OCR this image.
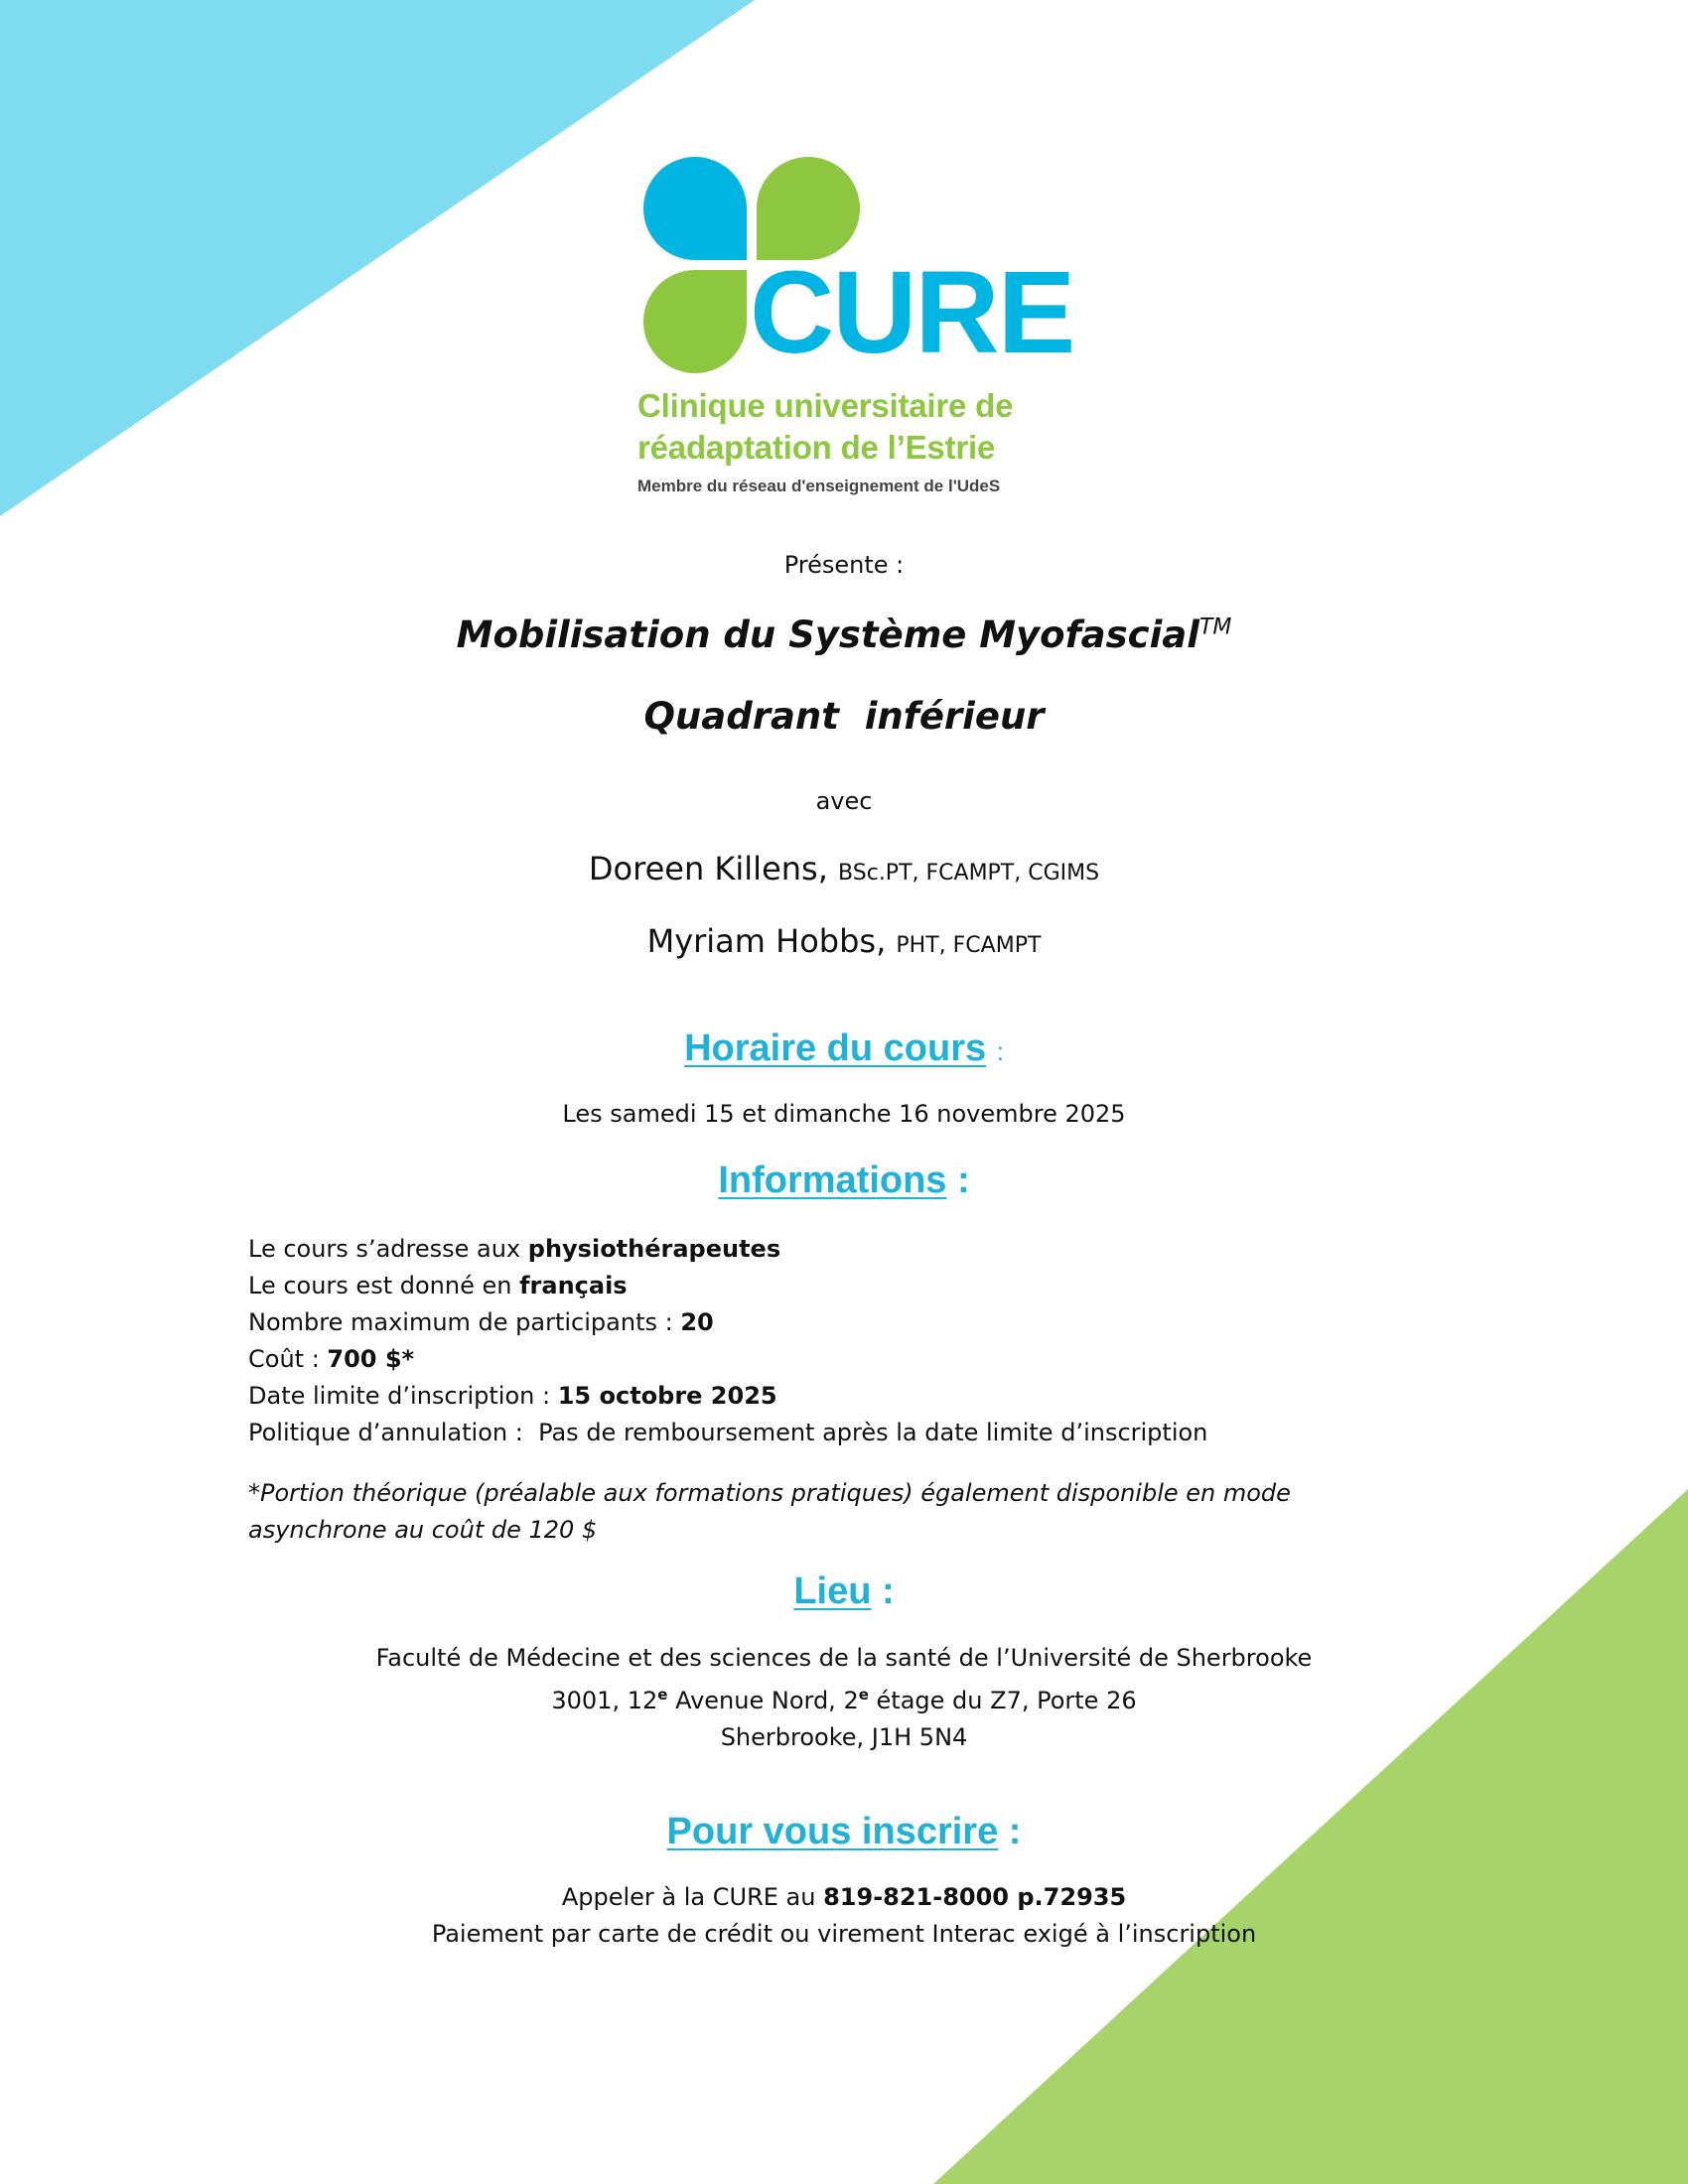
CURE
Clinique universitaire de
réadaptation de l’Estrie
Membre du réseau d'enseignement de l'UdeS
Présente :
Mobilisation du Système Myofascial™
Quadrant  inférieur
avec
Doreen Killens, BSc.PT, FCAMPT, CGIMS
Myriam Hobbs, PHT, FCAMPT
Horaire du cours :
Les samedi 15 et dimanche 16 novembre 2025
Informations :
Le cours s’adresse aux physiothérapeutes
Le cours est donné en français
Nombre maximum de participants : 20
Coût : 700 $*
Date limite d’inscription : 15 octobre 2025
Politique d’annulation :  Pas de remboursement après la date limite d’inscription
*Portion théorique (préalable aux formations pratiques) également disponible en mode
asynchrone au coût de 120 $
Lieu :
Faculté de Médecine et des sciences de la santé de l’Université de Sherbrooke
3001, 12e Avenue Nord, 2e étage du Z7, Porte 26
Sherbrooke, J1H 5N4
Pour vous inscrire :
Appeler à la CURE au 819-821-8000 p.72935
Paiement par carte de crédit ou virement Interac exigé à l’inscription
